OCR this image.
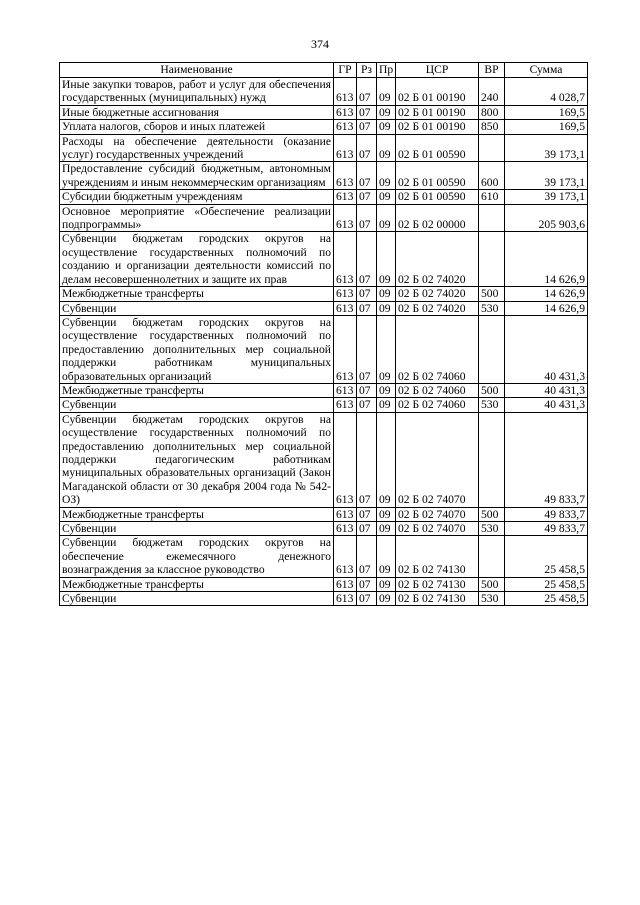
374
Наименование	ГР	Рз	Пр	ЦСР	ВР	Сумма
Иные закупки товаров, работ и услуг для обеспечения государственных (муниципальных) нужд	613	07	09	02 Б 01 00190	240	4 028,7
Иные бюджетные ассигнования	613	07	09	02 Б 01 00190	800	169,5
Уплата налогов, сборов и иных платежей	613	07	09	02 Б 01 00190	850	169,5
Расходы на обеспечение деятельности (оказание услуг) государственных учреждений	613	07	09	02 Б 01 00590		39 173,1
Предоставление субсидий бюджетным, автономным учреждениям и иным некоммерческим организациям	613	07	09	02 Б 01 00590	600	39 173,1
Субсидии бюджетным учреждениям	613	07	09	02 Б 01 00590	610	39 173,1
Основное мероприятие «Обеспечение реализации подпрограммы»	613	07	09	02 Б 02 00000		205 903,6
Субвенции бюджетам городских округов на осуществление государственных полномочий по созданию и организации деятельности комиссий по делам несовершеннолетних и защите их прав	613	07	09	02 Б 02 74020		14 626,9
Межбюджетные трансферты	613	07	09	02 Б 02 74020	500	14 626,9
Субвенции	613	07	09	02 Б 02 74020	530	14 626,9
Субвенции бюджетам городских округов на осуществление государственных полномочий по предоставлению дополнительных мер социальной поддержки работникам муниципальных образовательных организаций	613	07	09	02 Б 02 74060		40 431,3
Межбюджетные трансферты	613	07	09	02 Б 02 74060	500	40 431,3
Субвенции	613	07	09	02 Б 02 74060	530	40 431,3
Субвенции бюджетам городских округов на осуществление государственных полномочий по предоставлению дополнительных мер социальной поддержки педагогическим работникам муниципальных образовательных организаций (Закон Магаданской области от 30 декабря 2004 года № 542-ОЗ)	613	07	09	02 Б 02 74070		49 833,7
Межбюджетные трансферты	613	07	09	02 Б 02 74070	500	49 833,7
Субвенции	613	07	09	02 Б 02 74070	530	49 833,7
Субвенции бюджетам городских округов на обеспечение ежемесячного денежного вознаграждения за классное руководство	613	07	09	02 Б 02 74130		25 458,5
Межбюджетные трансферты	613	07	09	02 Б 02 74130	500	25 458,5
Субвенции	613	07	09	02 Б 02 74130	530	25 458,5
